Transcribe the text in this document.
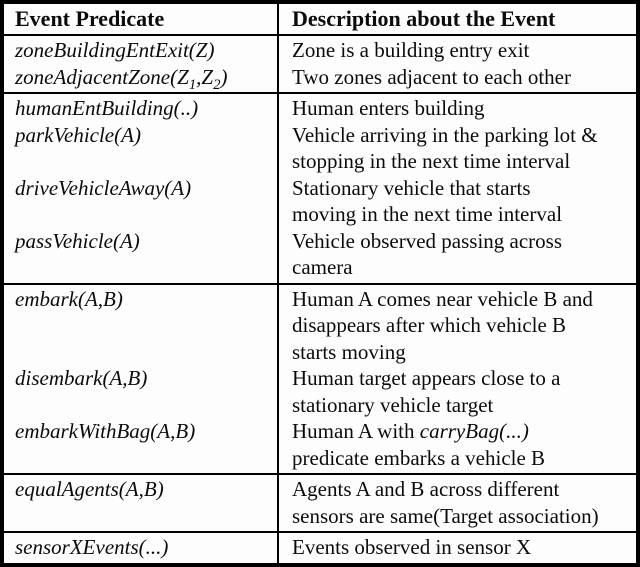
Event Predicate	Description about the Event
zoneBuildingEntExit(Z)	Zone is a building entry exit
$zoneAdjacentZone(Z_1,Z_2)$	Two zones adjacent to each other
humanEntBuilding(..)	Human enters building
parkVehicle(A)	Vehicle arriving in the parking lot &
stopping in the next time interval
driveVehicleAway(A)	Stationary vehicle that starts
moving in the next time interval
passVehicle(A)	Vehicle observed passing across
camera
embark(A,B)	Human A comes near vehicle B and
disappears after which vehicle B
starts moving
disembark(A,B)	Human target appears close to a
stationary vehicle target
embarkWithBag(A,B)	Human A with carryBag(...)
predicate embarks a vehicle B
equalAgents(A,B)	Agents A and B across different
sensors are same(Target association)
sensorXEvents(...)	Events observed in sensor X
